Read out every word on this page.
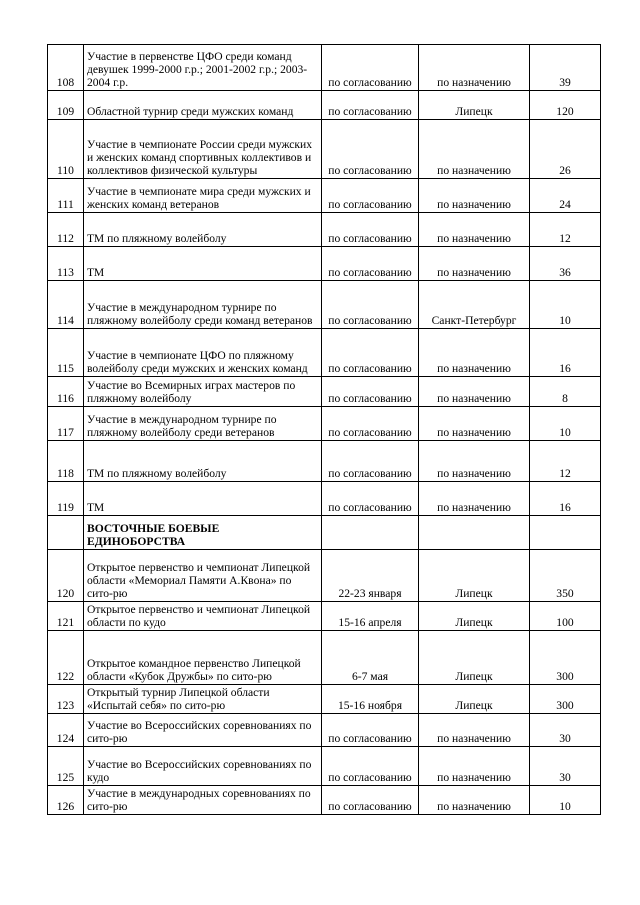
108	Участие в первенстве ЦФО среди команд девушек 1999-2000 г.р.; 2001-2002 г.р.; 2003-2004 г.р.	по согласованию	по назначению	39
109	Областной турнир среди мужских команд	по согласованию	Липецк	120
110	Участие в чемпионате России среди мужских и женских команд спортивных коллективов и коллективов физической культуры	по согласованию	по назначению	26
111	Участие в чемпионате мира среди мужских и женских команд ветеранов	по согласованию	по назначению	24
112	ТМ по пляжному волейболу	по согласованию	по назначению	12
113	ТМ	по согласованию	по назначению	36
114	Участие в международном турнире по пляжному волейболу среди команд ветеранов	по согласованию	Санкт-Петербург	10
115	Участие в чемпионате ЦФО по пляжному волейболу среди мужских и женских команд	по согласованию	по назначению	16
116	Участие во Всемирных играх мастеров по пляжному волейболу	по согласованию	по назначению	8
117	Участие в международном турнире по пляжному волейболу среди ветеранов	по согласованию	по назначению	10
118	ТМ по пляжному волейболу	по согласованию	по назначению	12
119	ТМ	по согласованию	по назначению	16
	ВОСТОЧНЫЕ БОЕВЫЕ ЕДИНОБОРСТВА			
120	Открытое первенство и чемпионат Липецкой области «Мемориал Памяти А.Квона» по сито-рю	22-23 января	Липецк	350
121	Открытое первенство и чемпионат Липецкой области по кудо	15-16 апреля	Липецк	100
122	Открытое командное первенство Липецкой области «Кубок Дружбы» по сито-рю	6-7 мая	Липецк	300
123	Открытый турнир Липецкой области «Испытай себя» по сито-рю	15-16 ноября	Липецк	300
124	Участие во Всероссийских соревнованиях по сито-рю	по согласованию	по назначению	30
125	Участие во Всероссийских соревнованиях по кудо	по согласованию	по назначению	30
126	Участие в международных соревнованиях по сито-рю	по согласованию	по назначению	10
